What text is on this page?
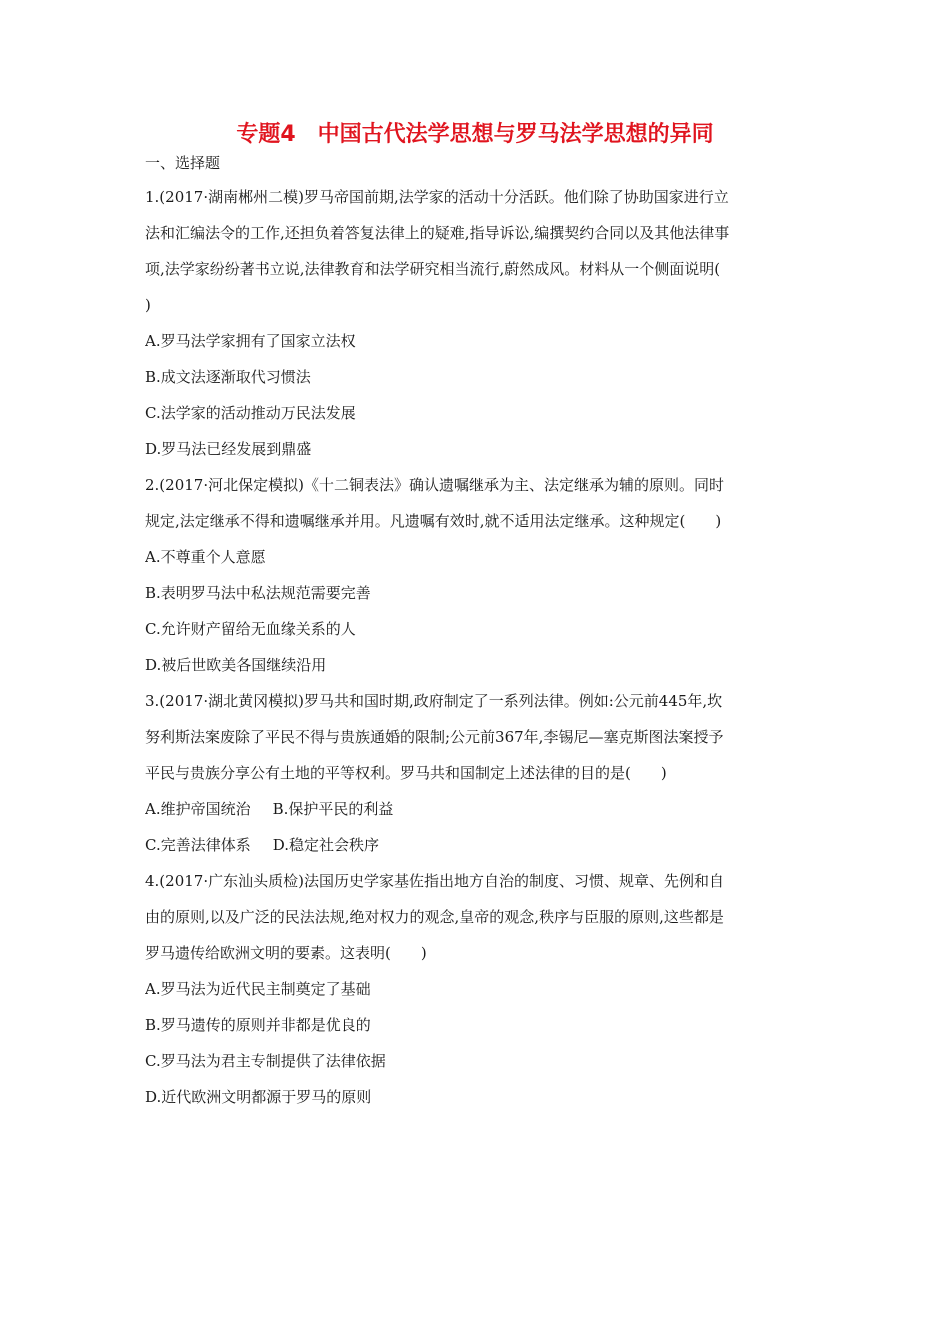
专题4　中国古代法学思想与罗马法学思想的异同
一、选择题
1.(2017·湖南郴州二模)罗马帝国前期,法学家的活动十分活跃。他们除了协助国家进行立
法和汇编法令的工作,还担负着答复法律上的疑难,指导诉讼,编撰契约合同以及其他法律事
项,法学家纷纷著书立说,法律教育和法学研究相当流行,蔚然成风。材料从一个侧面说明(
)
A.罗马法学家拥有了国家立法权
B.成文法逐渐取代习惯法
C.法学家的活动推动万民法发展
D.罗马法已经发展到鼎盛
2.(2017·河北保定模拟)《十二铜表法》确认遗嘱继承为主、法定继承为辅的原则。同时
规定,法定继承不得和遗嘱继承并用。凡遗嘱有效时,就不适用法定继承。这种规定(　　)
A.不尊重个人意愿
B.表明罗马法中私法规范需要完善
C.允许财产留给无血缘关系的人
D.被后世欧美各国继续沿用
3.(2017·湖北黄冈模拟)罗马共和国时期,政府制定了一系列法律。例如:公元前445年,坎
努利斯法案废除了平民不得与贵族通婚的限制;公元前367年,李锡尼—塞克斯图法案授予
平民与贵族分享公有土地的平等权利。罗马共和国制定上述法律的目的是(　　)
A.维护帝国统治 B.保护平民的利益
C.完善法律体系 D.稳定社会秩序
4.(2017·广东汕头质检)法国历史学家基佐指出地方自治的制度、习惯、规章、先例和自
由的原则,以及广泛的民法法规,绝对权力的观念,皇帝的观念,秩序与臣服的原则,这些都是
罗马遗传给欧洲文明的要素。这表明(　　)
A.罗马法为近代民主制奠定了基础
B.罗马遗传的原则并非都是优良的
C.罗马法为君主专制提供了法律依据
D.近代欧洲文明都源于罗马的原则
